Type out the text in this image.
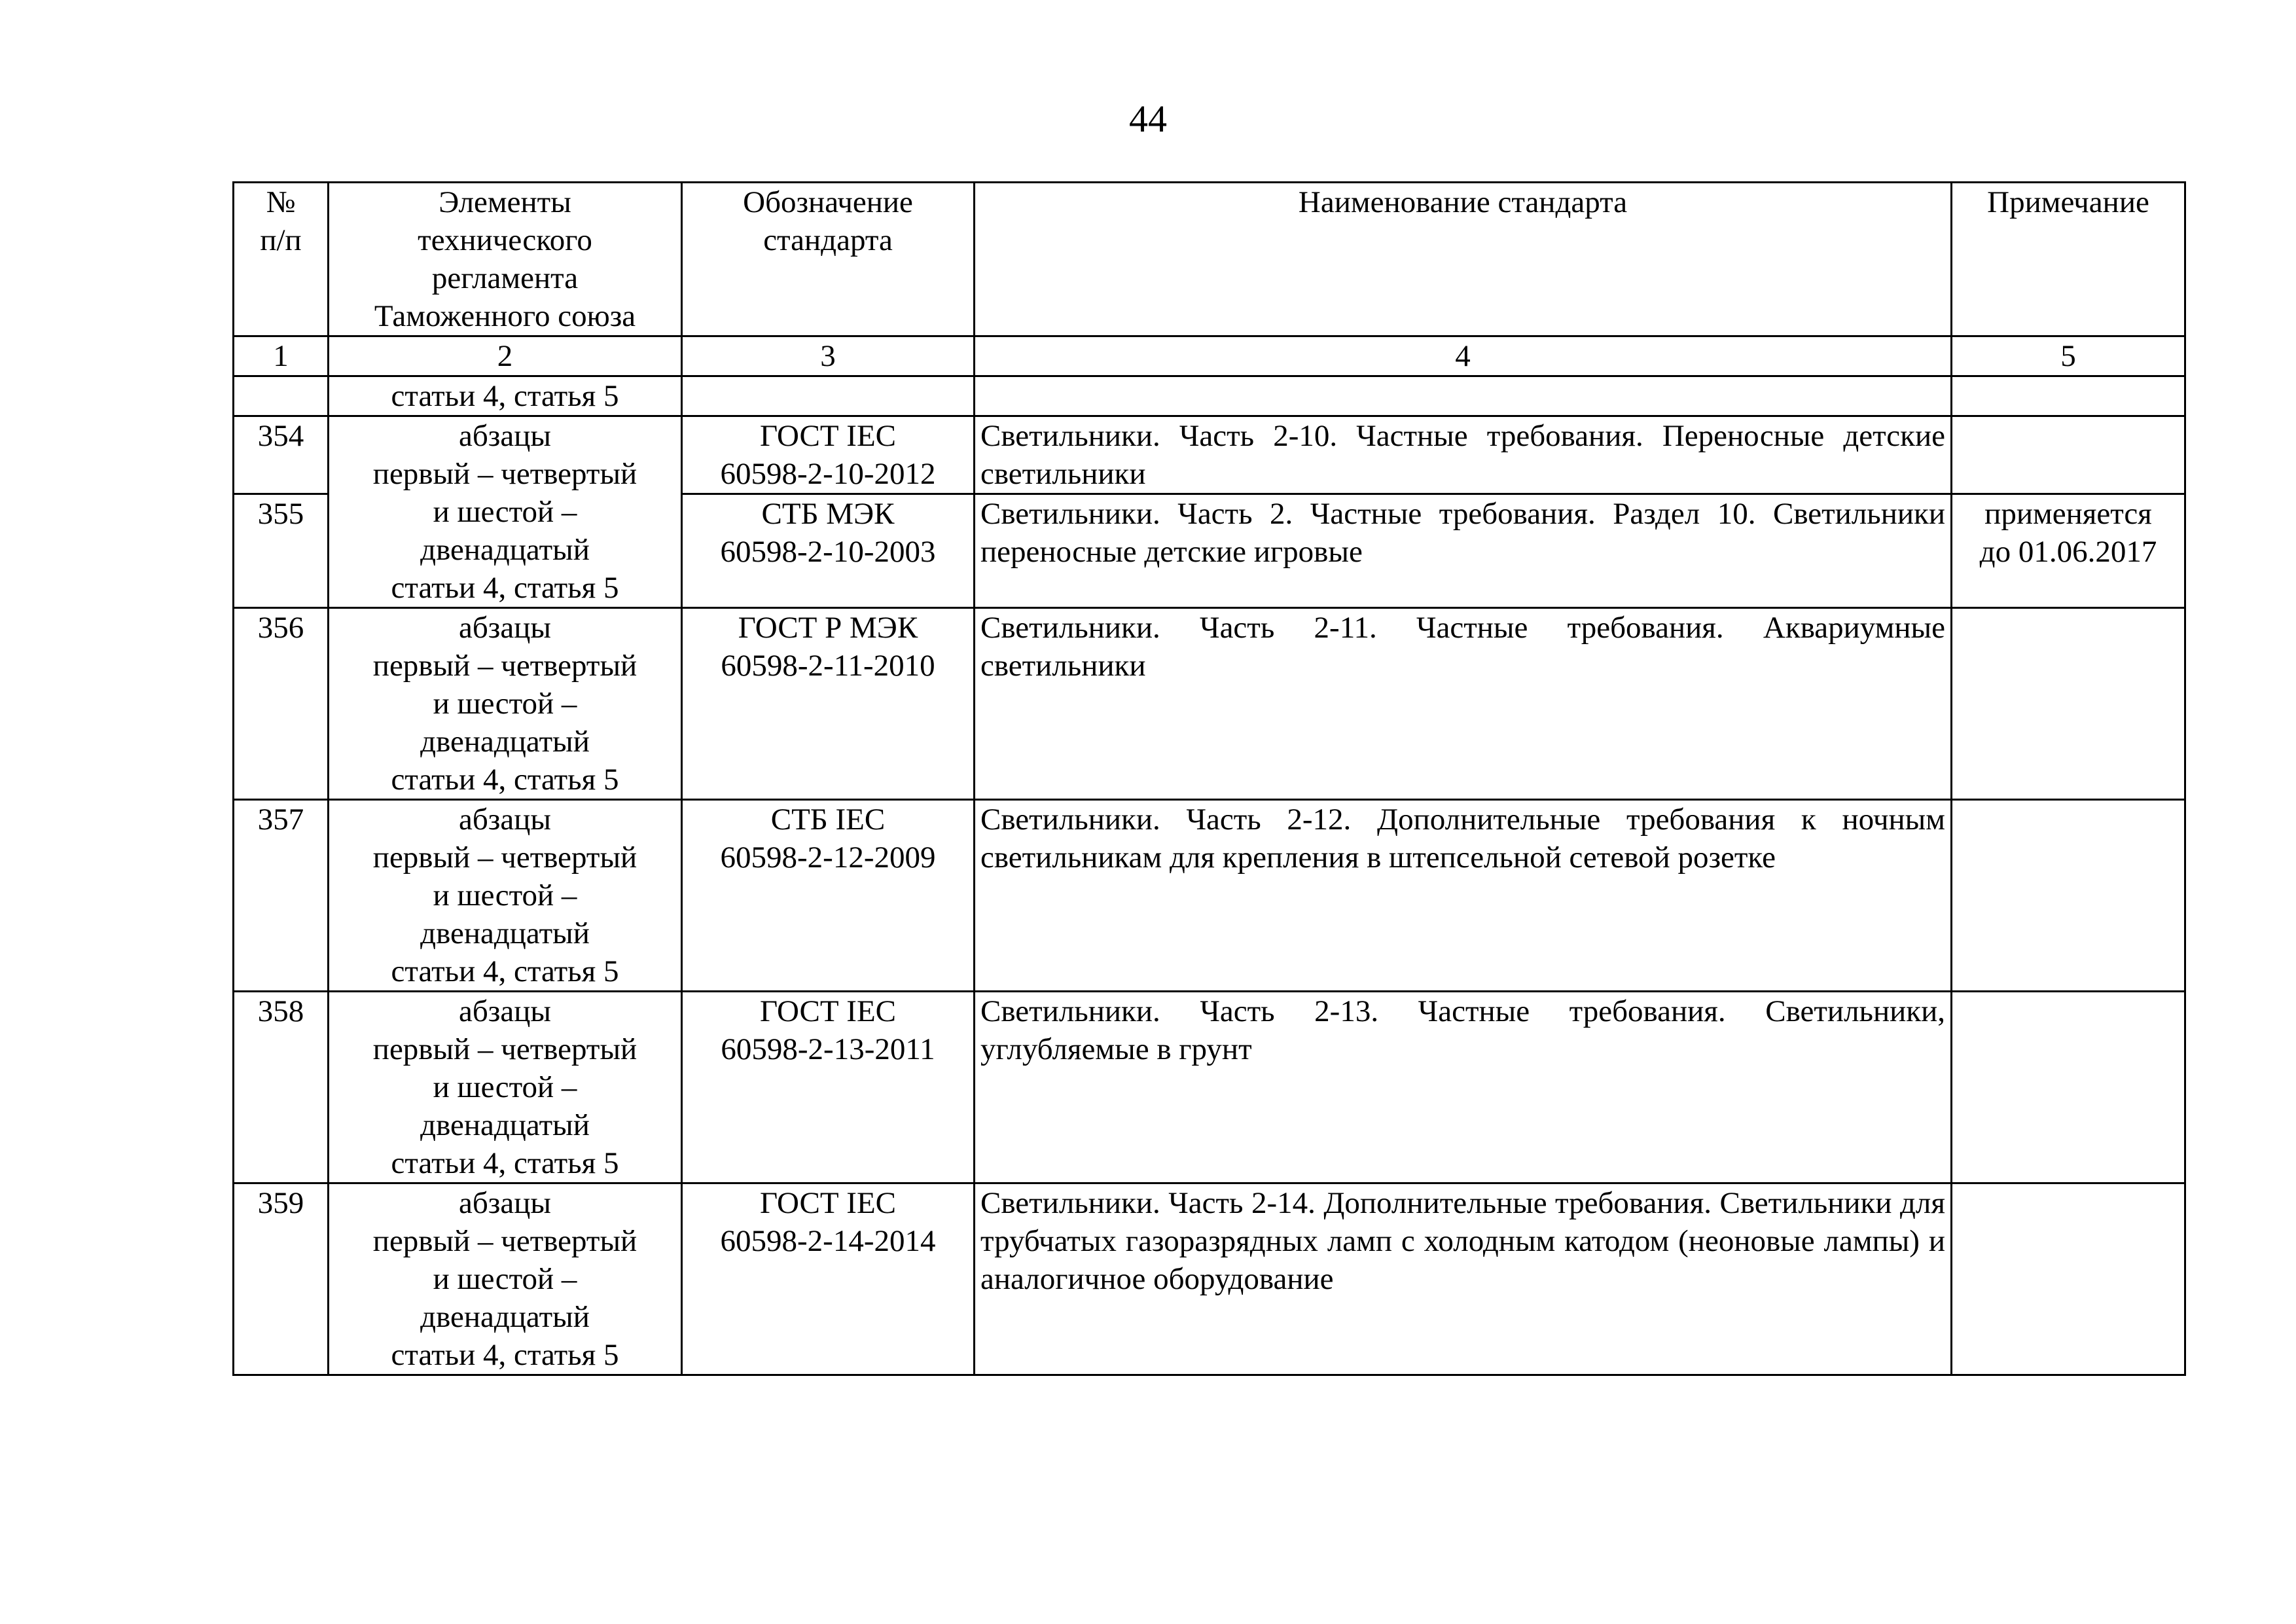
44
№
п/п	Элементы
технического
регламента
Таможенного союза	Обозначение
стандарта	Наименование стандарта	Примечание
1	2	3	4	5
	статьи 4, статья 5			
354	абзацы
первый – четвертый
и шестой –
двенадцатый
статьи 4, статья 5	ГОСТ IEC
60598-2-10-2012	Светильники. Часть 2-10. Частные требования. Переносные детские светильники	
355		СТБ МЭК
60598-2-10-2003	Светильники. Часть 2. Частные требования. Раздел 10. Светильники переносные детские игровые	применяется
до 01.06.2017
356	абзацы
первый – четвертый
и шестой –
двенадцатый
статьи 4, статья 5	ГОСТ Р МЭК
60598-2-11-2010	Светильники. Часть 2-11. Частные требования. Аквариумные светильники	
357	абзацы
первый – четвертый
и шестой –
двенадцатый
статьи 4, статья 5	СТБ IEC
60598-2-12-2009	Светильники. Часть 2-12. Дополнительные требования к ночным светильникам для крепления в штепсельной сетевой розетке	
358	абзацы
первый – четвертый
и шестой –
двенадцатый
статьи 4, статья 5	ГОСТ IEC
60598-2-13-2011	Светильники. Часть 2-13. Частные требования. Светильники, углубляемые в грунт	
359	абзацы
первый – четвертый
и шестой –
двенадцатый
статьи 4, статья 5	ГОСТ IEC
60598-2-14-2014	Светильники. Часть 2-14. Дополнительные требования. Светильники для трубчатых газоразрядных ламп с холодным катодом (неоновые лампы) и аналогичное оборудование	
